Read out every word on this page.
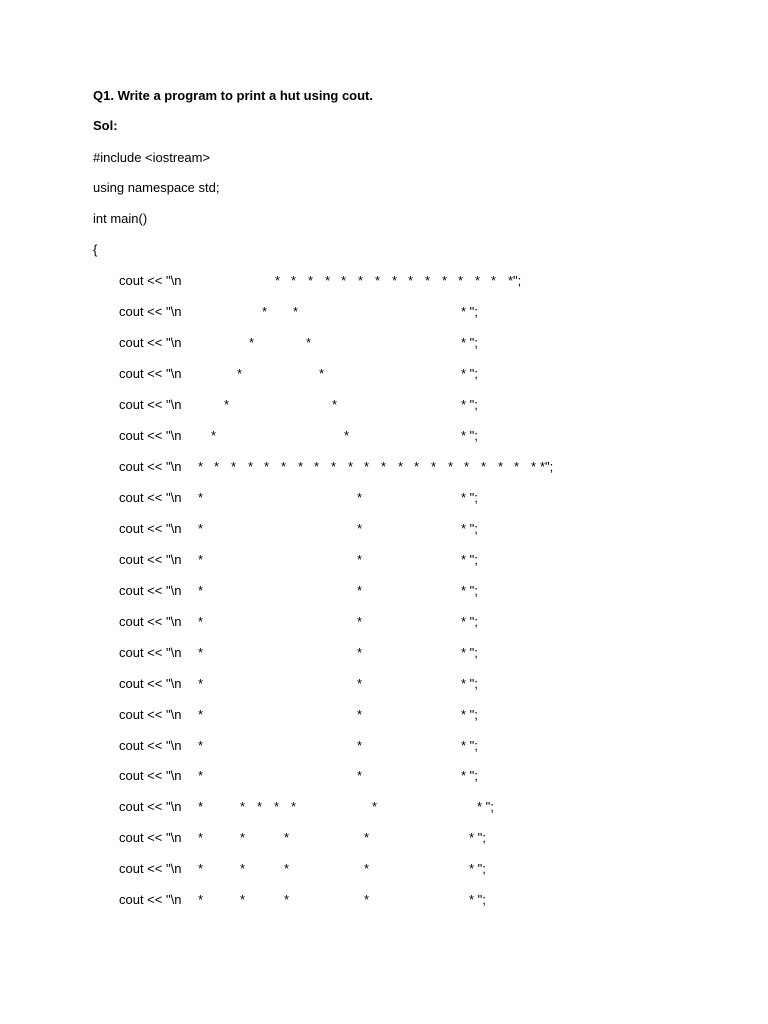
Q1. Write a program to print a hut using cout.
Sol:
#include <iostream>
using namespace std;
int main()
{
cout << "\n	* * * * * * * * * * * * * * *";
cout << "\n	* *	* ";
cout << "\n	*	*	* ";
cout << "\n	*	*	* ";
cout << "\n	*	*	* ";
cout << "\n *	*	* ";
cout << "\n * * * * * * * * * * * * * * * * * * * * * *";
cout << "\n *	*	* ";
cout << "\n *	*	* ";
cout << "\n *	*	* ";
cout << "\n *	*	* ";
cout << "\n *	*	* ";
cout << "\n *	*	* ";
cout << "\n *	*	* ";
cout << "\n *	*	* ";
cout << "\n *	*	* ";
cout << "\n *	*	* ";
cout << "\n *	* * * *	*	* ";
cout << "\n *	*	*	*	* ";
cout << "\n *	*	*	*	* ";
cout << "\n *	*	*	*	* ";
